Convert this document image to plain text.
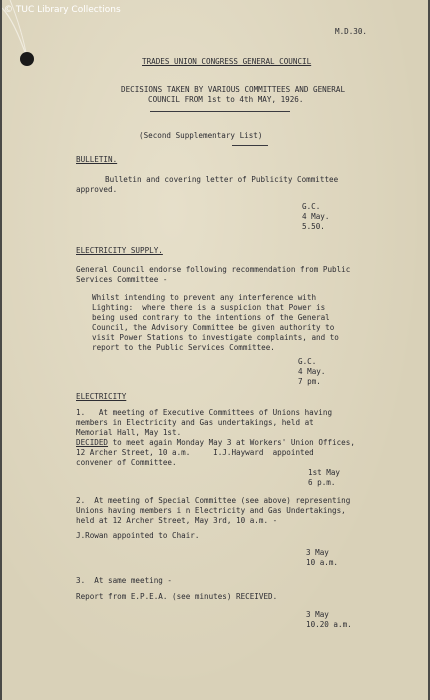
M.D.30.
TRADES UNION CONGRESS GENERAL COUNCIL
DECISIONS TAKEN BY VARIOUS COMMITTEES AND GENERAL
COUNCIL FROM 1st to 4th MAY, 1926.
(Second Supplementary List)
BULLETIN.
Bulletin and covering letter of Publicity Committee
approved.
G.C.
4 May.
5.50.
ELECTRICITY SUPPLY.
General Council endorse following recommendation from Public
Services Committee -
Whilst intending to prevent any interference with
Lighting:  where there is a suspicion that Power is
being used contrary to the intentions of the General
Council, the Advisory Committee be given authority to
visit Power Stations to investigate complaints, and to
report to the Public Services Committee.
G.C.
4 May.
7 pm.
ELECTRICITY
1.   At meeting of Executive Committees of Unions having
members in Electricity and Gas undertakings, held at
Memorial Hall, May 1st.
DECIDED to meet again Monday May 3 at Workers' Union Offices,
12 Archer Street, 10 a.m.     I.J.Hayward  appointed
convener of Committee.
1st May
6 p.m.
2.  At meeting of Special Committee (see above) representing
Unions having members i n Electricity and Gas Undertakings,
held at 12 Archer Street, May 3rd, 10 a.m. -
J.Rowan appointed to Chair.
3 May
10 a.m.
3.  At same meeting -
Report from E.P.E.A. (see minutes) RECEIVED.
3 May
10.20 a.m.
© TUC Library Collections
